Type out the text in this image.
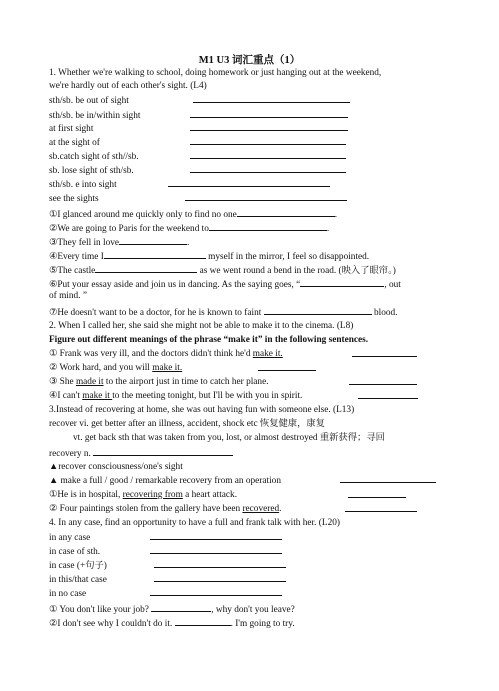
M1 U3 词汇重点（1）
1. Whether we're walking to school, doing homework or just hanging out at the weekend,
we're hardly out of each other's sight. (L4)
sth/sb. be out of sight
sth/sb. be in/within sight
at first sight
at the sight of
sb.catch sight of sth//sb.
sb. lose sight of sth/sb.
sth/sb. e into sight
see the sights
①I glanced around me quickly only to find no one	.
②We are going to Paris for the weekend to	.
③They fell in love	.
④Every time I	myself in the mirror, I feel so disappointed.
⑤The castle	as we went round a bend in the road. (映入了眼帘。)
⑥Put your essay aside and join us in dancing. As the saying goes, “	, out
of mind. ”
⑦He doesn't want to be a doctor, for he is known to faint	blood.
2. When I called her, she said she might not be able to make it to the cinema. (L8)
Figure out different meanings of the phrase “make it” in the following sentences.
① Frank was very ill, and the doctors didn't think he'd make it.
② Work hard, and you will make it.
③ She made it to the airport just in time to catch her plane.
④I can't make it to the meeting tonight, but I'll be with you in spirit.
3.Instead of recovering at home, she was out having fun with someone else. (L13)
recover vi. get better after an illness, accident, shock etc 恢复健康，康复
vt. get back sth that was taken from you, lost, or almost destroyed 重新获得；寻回
recovery n.
▲recover consciousness/one's sight
▲ make a full / good / remarkable recovery from an operation
①He is in hospital, recovering from a heart attack.
② Four paintings stolen from the gallery have been recovered.
4. In any case, find an opportunity to have a full and frank talk with her. (L20)
in any case
in case of sth.
in case (+句子)
in this/that case
in no case
① You don't like your job?	, why don't you leave?
②I don't see why I couldn't do it.	. I'm going to try.
